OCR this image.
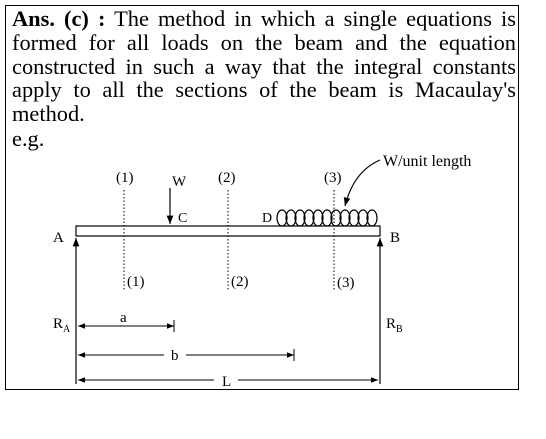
Ans. (c) : The method in which a single equations is
formed for all loads on the beam and the equation
constructed in such a way that the integral constants
apply to all the sections of the beam is Macaulay's
method.
e.g.
W/unit length
W
C	D
A	B
(1)	(2)	(3)
(1)	(2)	(3)
$R_A$	$R_B$
a
b
L
